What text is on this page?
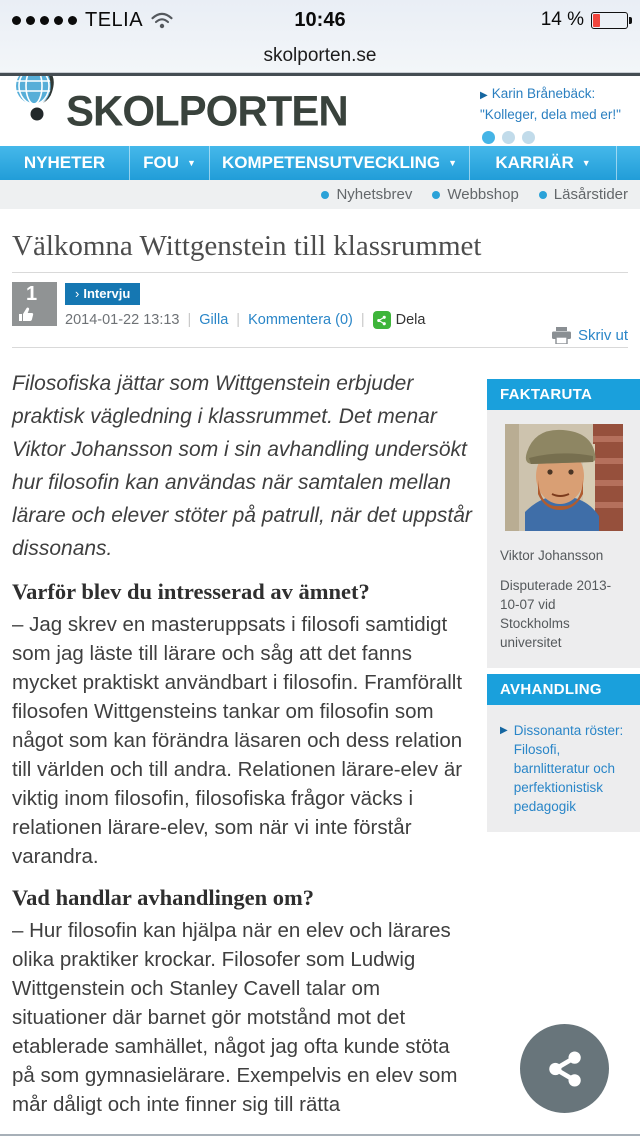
TELIA	10:46	14 %
skolporten.se
SKOLPORTEN	▶ Karin Brånebäck:
"Kolleger, dela med er!"
NYHETER FOU ▼ KOMPETENSUTVECKLING ▼ KARRIÄR ▼
Nyhetsbrev Webbshop Läsårstider
Välkomna Wittgenstein till klassrummet
1	› Intervju
2014-01-22 13:13 | Gilla | Kommentera (0) | Dela
Skriv ut

Filosofiska jättar som Wittgenstein erbjuder praktisk vägledning i klassrummet. Det menar Viktor Johansson som i sin avhandling undersökt hur filosofin kan användas när samtalen mellan lärare och elever stöter på patrull, när det uppstår dissonans.

Varför blev du intresserad av ämnet?

– Jag skrev en masteruppsats i filosofi samtidigt som jag läste till lärare och såg att det fanns mycket praktiskt användbart i filosofin. Framförallt filosofen Wittgensteins tankar om filosofin som något som kan förändra läsaren och dess relation till världen och till andra. Relationen lärare-elev är viktig inom filosofin, filosofiska frågor väcks i relationen lärare-elev, som när vi inte förstår varandra.

Vad handlar avhandlingen om?

– Hur filosofin kan hjälpa när en elev och lärares olika praktiker krockar. Filosofer som Ludwig Wittgenstein och Stanley Cavell talar om situationer där barnet gör motstånd mot det etablerade samhället, något jag ofta kunde stöta på som gymnasielärare. Exempelvis en elev som mår dåligt och inte finner sig till rätta

FAKTARUTA
Viktor Johansson
Disputerade 2013-10-07 vid Stockholms universitet
AVHANDLING
▶ Dissonanta röster: Filosofi, barnlitteratur och perfektionistisk pedagogik
